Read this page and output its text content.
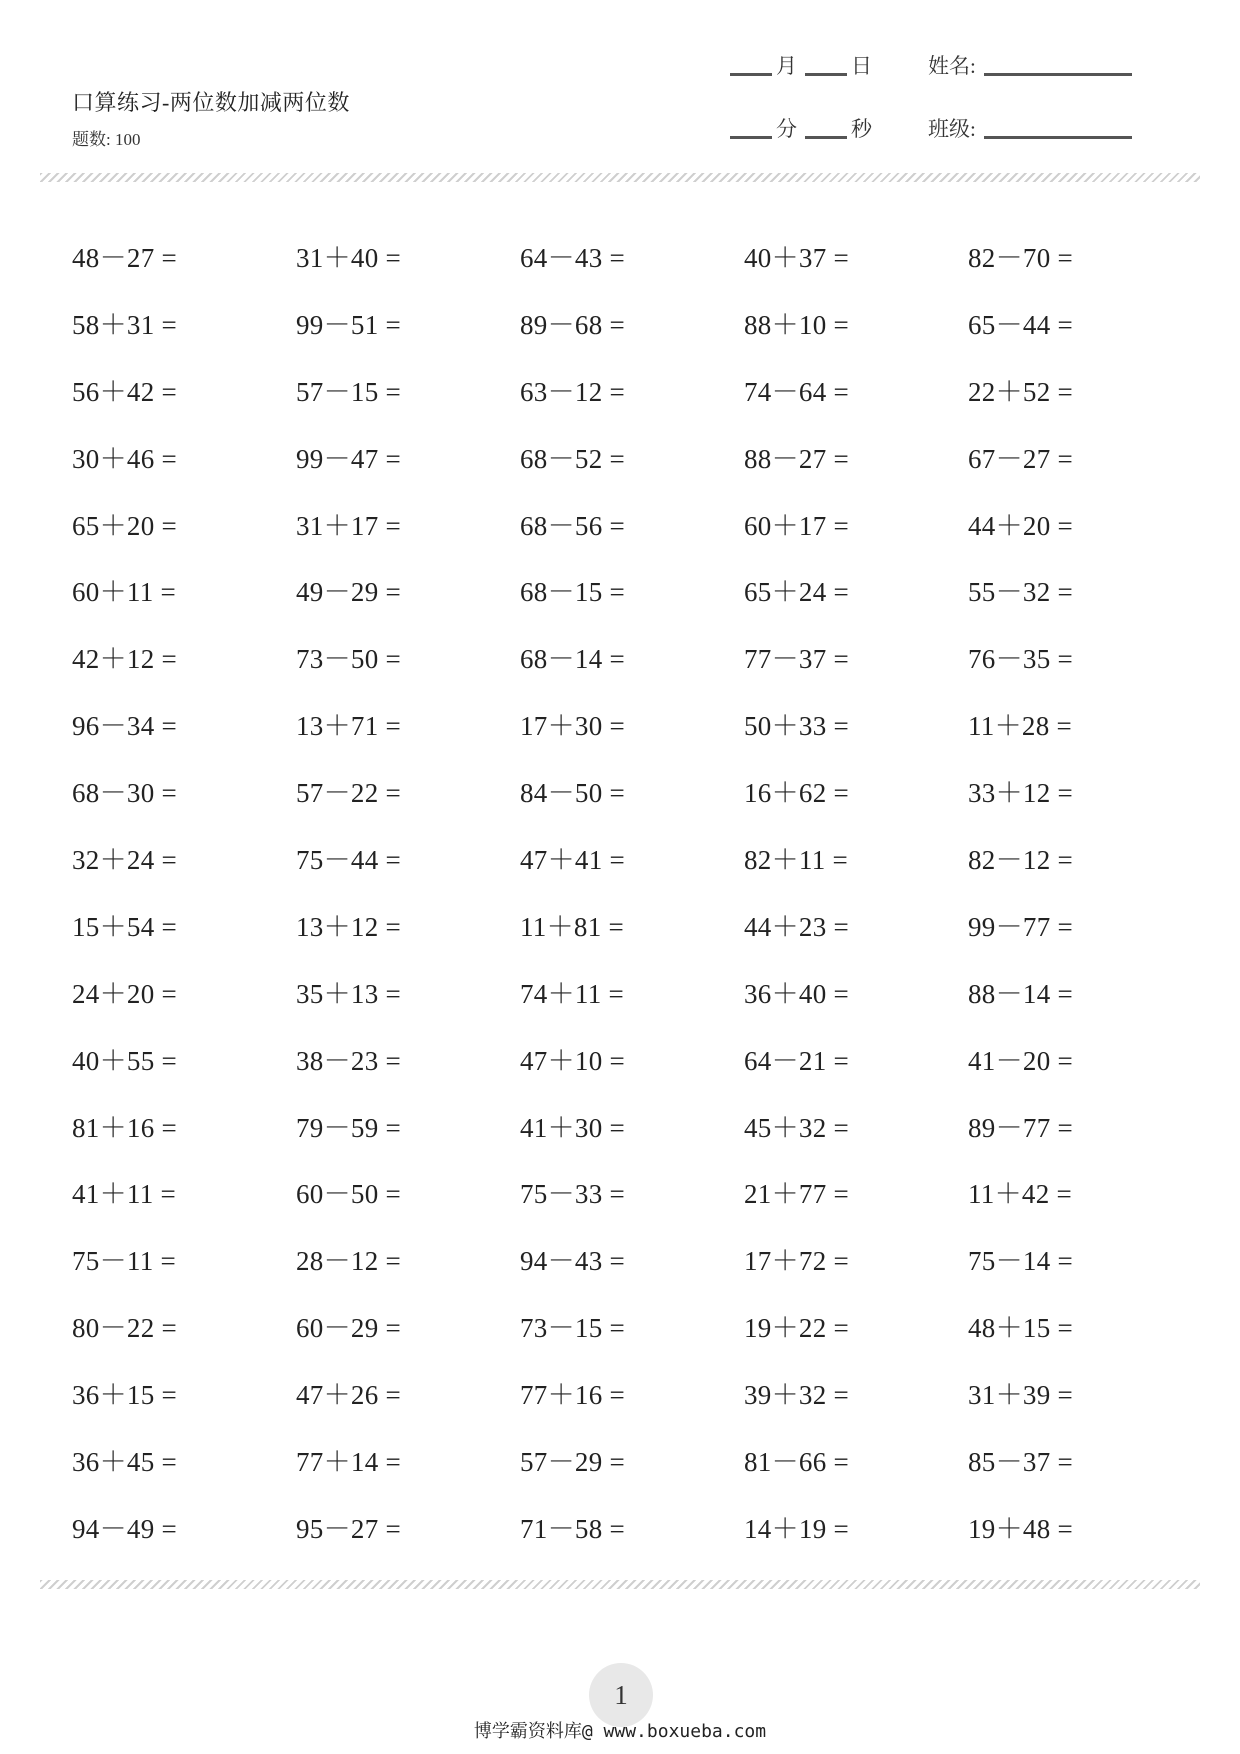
口算练习-两位数加减两位数
题数: 100
月	日
分	秒
姓名:
班级:
48－27 =	31＋40 =	64－43 =	40＋37 =	82－70 =
58＋31 =	99－51 =	89－68 =	88＋10 =	65－44 =
56＋42 =	57－15 =	63－12 =	74－64 =	22＋52 =
30＋46 =	99－47 =	68－52 =	88－27 =	67－27 =
65＋20 =	31＋17 =	68－56 =	60＋17 =	44＋20 =
60＋11 =	49－29 =	68－15 =	65＋24 =	55－32 =
42＋12 =	73－50 =	68－14 =	77－37 =	76－35 =
96－34 =	13＋71 =	17＋30 =	50＋33 =	11＋28 =
68－30 =	57－22 =	84－50 =	16＋62 =	33＋12 =
32＋24 =	75－44 =	47＋41 =	82＋11 =	82－12 =
15＋54 =	13＋12 =	11＋81 =	44＋23 =	99－77 =
24＋20 =	35＋13 =	74＋11 =	36＋40 =	88－14 =
40＋55 =	38－23 =	47＋10 =	64－21 =	41－20 =
81＋16 =	79－59 =	41＋30 =	45＋32 =	89－77 =
41＋11 =	60－50 =	75－33 =	21＋77 =	11＋42 =
75－11 =	28－12 =	94－43 =	17＋72 =	75－14 =
80－22 =	60－29 =	73－15 =	19＋22 =	48＋15 =
36＋15 =	47＋26 =	77＋16 =	39＋32 =	31＋39 =
36＋45 =	77＋14 =	57－29 =	81－66 =	85－37 =
94－49 =	95－27 =	71－58 =	14＋19 =	19＋48 =
1
博学霸资料库@ www.boxueba.com
